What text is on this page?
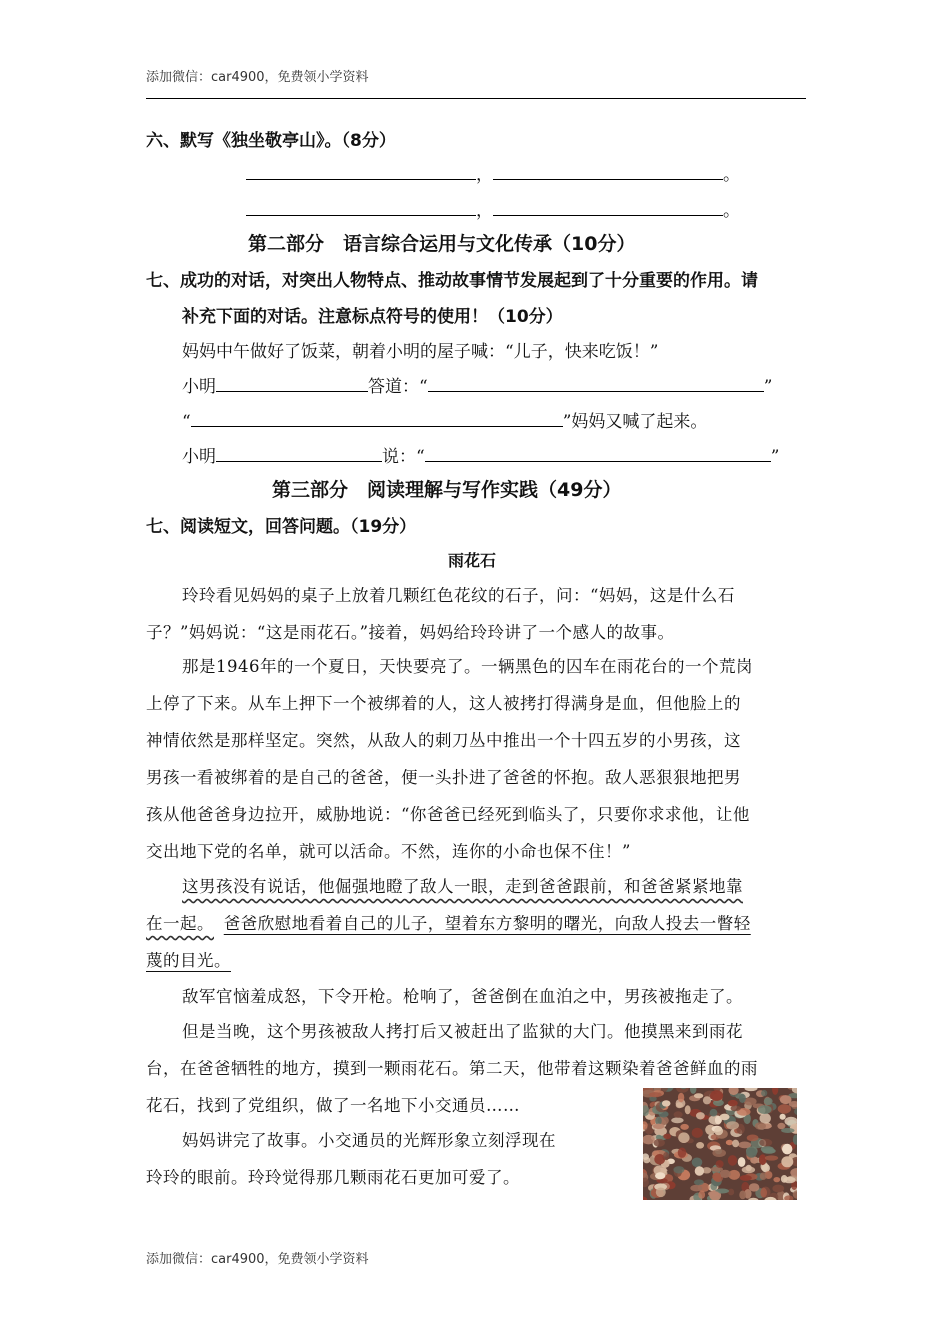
添加微信：car4900，免费领小学资料
六、默写《独坐敬亭山》。（8分）
，	。
，	。
第二部分　语言综合运用与文化传承（10分）
七、成功的对话，对突出人物特点、推动故事情节发展起到了十分重要的作用。请
补充下面的对话。注意标点符号的使用！（10分）
妈妈中午做好了饭菜，朝着小明的屋子喊：“儿子，快来吃饭！”
小明	答道：“	”
“	”妈妈又喊了起来。
小明	说：“	”
第三部分　阅读理解与写作实践（49分）
七、阅读短文，回答问题。（19分）
雨花石
玲玲看见妈妈的桌子上放着几颗红色花纹的石子，问：“妈妈，这是什么石
子？”妈妈说：“这是雨花石。”接着，妈妈给玲玲讲了一个感人的故事。
那是1946年的一个夏日，天快要亮了。一辆黑色的囚车在雨花台的一个荒岗
上停了下来。从车上押下一个被绑着的人，这人被拷打得满身是血，但他脸上的
神情依然是那样坚定。突然，从敌人的刺刀丛中推出一个十四五岁的小男孩，这
男孩一看被绑着的是自己的爸爸，便一头扑进了爸爸的怀抱。敌人恶狠狠地把男
孩从他爸爸身边拉开，威胁地说：“你爸爸已经死到临头了，只要你求求他，让他
交出地下党的名单，就可以活命。不然，连你的小命也保不住！”
这男孩没有说话，他倔强地瞪了敌人一眼，走到爸爸跟前，和爸爸紧紧地靠
在一起。 爸爸欣慰地看着自己的儿子，望着东方黎明的曙光，向敌人投去一瞥轻
蔑的目光。
敌军官恼羞成怒，下令开枪。枪响了，爸爸倒在血泊之中，男孩被拖走了。
但是当晚，这个男孩被敌人拷打后又被赶出了监狱的大门。他摸黑来到雨花
台，在爸爸牺牲的地方，摸到一颗雨花石。第二天，他带着这颗染着爸爸鲜血的雨
花石，找到了党组织，做了一名地下小交通员……
妈妈讲完了故事。小交通员的光辉形象立刻浮现在
玲玲的眼前。玲玲觉得那几颗雨花石更加可爱了。
添加微信：car4900，免费领小学资料
